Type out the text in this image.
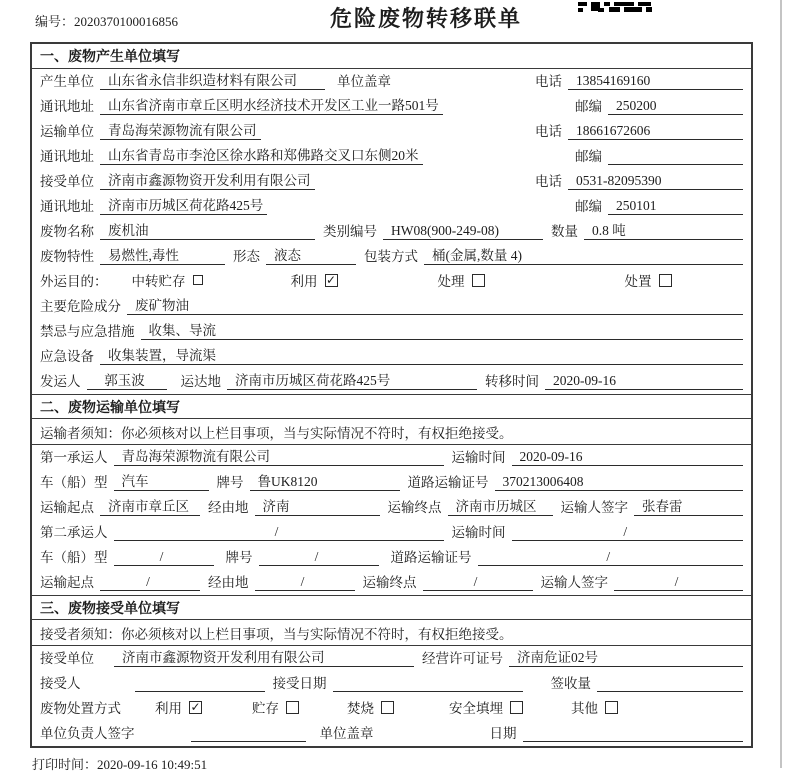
编号：2020370100016856	危险废物转移联单
一、废物产生单位填写
产生单位	山东省永信非织造材料有限公司	单位盖章	电话	13854169160
通讯地址	山东省济南市章丘区明水经济技术开发区工业一路501号	邮编	250200
运输单位	青岛海荣源物流有限公司	电话	18661672606
通讯地址	山东省青岛市李沧区徐水路和郑佛路交叉口东侧20米	邮编
接受单位	济南市鑫源物资开发利用有限公司	电话	0531-82095390
通讯地址	济南市历城区荷花路425号	邮编	250101
废物名称	废机油	类别编号	HW08(900-249-08)	数量	0.8 吨
废物特性	易燃性,毒性	形态	液态	包装方式	桶(金属,数量 4)
外运目的： 中转贮存	利用 ✓	处理	处置
主要危险成分	废矿物油
禁忌与应急措施	收集、导流
应急设备	收集装置，导流渠
发运人	郭玉波	运达地	济南市历城区荷花路425号	转移时间	2020-09-16
二、废物运输单位填写
运输者须知：你必须核对以上栏目事项，当与实际情况不符时，有权拒绝接受。
第一承运人	青岛海荣源物流有限公司	运输时间	2020-09-16
车（船）型	汽车	牌号	鲁UK8120	道路运输证号	370213006408
运输起点	济南市章丘区	经由地	济南	运输终点	济南市历城区	运输人签字	张春雷
第二承运人	/	运输时间	/
车（船）型	/	牌号	/	道路运输证号	/
运输起点	/	经由地	/	运输终点	/	运输人签字	/
三、废物接受单位填写
接受者须知：你必须核对以上栏目事项，当与实际情况不符时，有权拒绝接受。
接受单位	济南市鑫源物资开发利用有限公司	经营许可证号	济南危证02号
接受人	接受日期	签收量
废物处置方式	利用 ✓	贮存	焚烧	安全填埋	其他
单位负责人签字	单位盖章	日期
打印时间：2020-09-16 10:49:51
